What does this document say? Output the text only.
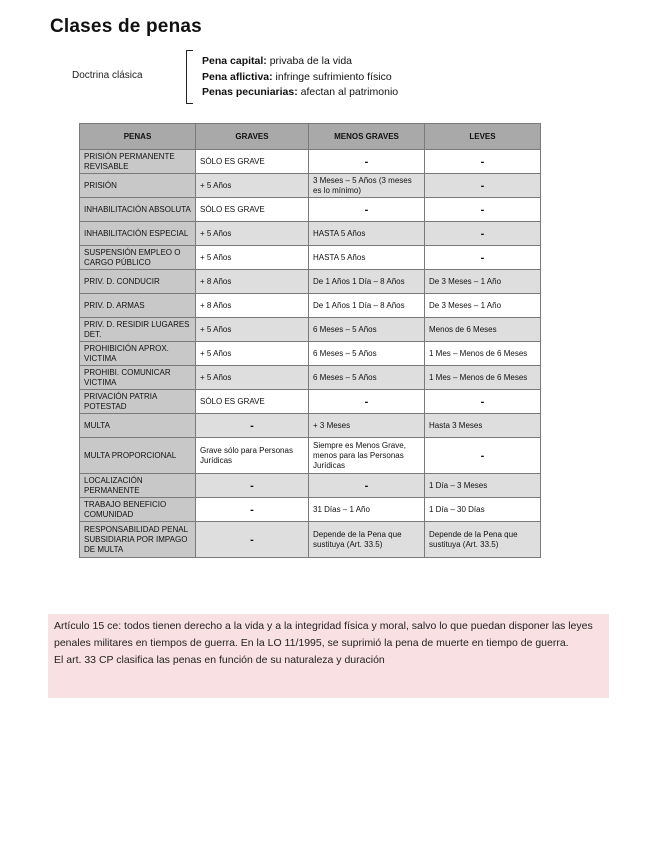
Clases de penas
Doctrina clásica
Pena capital: privaba de la vida
Pena aflictiva: infringe sufrimiento físico
Penas pecuniarias: afectan al patrimonio
PENAS	GRAVES	MENOS GRAVES	LEVES
PRISIÓN PERMANENTE REVISABLE	SÓLO ES GRAVE	-	-
PRISIÓN	+ 5 Años	3 Meses – 5 Años (3 meses es lo mínimo)	-
INHABILITACIÓN ABSOLUTA	SÓLO ES GRAVE	-	-
INHABILITACIÓN ESPECIAL	+ 5 Años	HASTA 5 Años	-
SUSPENSIÓN EMPLEO O CARGO PÚBLICO	+ 5 Años	HASTA 5 Años	-
PRIV. D. CONDUCIR	+ 8 Años	De 1 Años 1 Día – 8 Años	De 3 Meses – 1 Año
PRIV. D. ARMAS	+ 8 Años	De 1 Años 1 Día – 8 Años	De 3 Meses – 1 Año
PRIV. D. RESIDIR LUGARES DET.	+ 5 Años	6 Meses – 5 Años	Menos de 6 Meses
PROHIBICIÓN APROX. VICTIMA	+ 5 Años	6 Meses – 5 Años	1 Mes – Menos de 6 Meses
PROHIBI. COMUNICAR VICTIMA	+ 5 Años	6 Meses – 5 Años	1 Mes – Menos de 6 Meses
PRIVACIÓN PATRIA POTESTAD	SÓLO ES GRAVE	-	-
MULTA	-	+ 3 Meses	Hasta 3 Meses
MULTA PROPORCIONAL	Grave sólo para Personas Jurídicas	Siempre es Menos Grave, menos para las Personas Jurídicas	-
LOCALIZACIÓN PERMANENTE	-	-	1 Día – 3 Meses
TRABAJO BENEFICIO COMUNIDAD	-	31 Días – 1 Año	1 Día – 30 Días
RESPONSABILIDAD PENAL SUBSIDIARIA POR IMPAGO DE MULTA	-	Depende de la Pena que sustituya (Art. 33.5)	Depende de la Pena que sustituya (Art. 33.5)

Artículo 15 ce: todos tienen derecho a la vida y a la integridad física y moral, salvo lo que puedan disponer las leyes penales militares en tiempos de guerra. En la LO 11/1995, se suprimió la pena de muerte en tiempo de guerra.

El art. 33 CP clasifica las penas en función de su naturaleza y duración
